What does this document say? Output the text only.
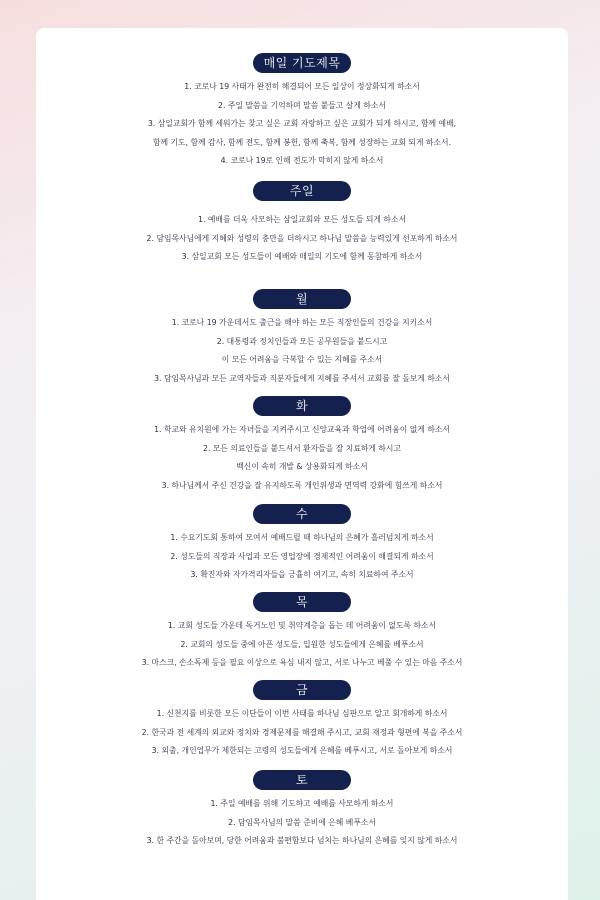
매일 기도제목
1. 코로나 19 사태가 완전히 해결되어 모든 일상이 정상화되게 하소서
2. 주일 말씀을 기억하며 말씀 붙들고 살게 하소서
3. 삼일교회가 함께 세워가는 찾고 싶은 교회 자랑하고 싶은 교회가 되게 하시고, 함께 예배,
함께 기도, 함께 감사, 함께 전도, 함께 봉헌, 함께 축복, 함께 성장하는 교회 되게 하소서.
4. 코로나 19로 인해 전도가 막히지 않게 하소서
주일
1. 예배를 더욱 사모하는 삼일교회와 모든 성도들 되게 하소서
2. 담임목사님에게 지혜와 성령의 충만을 더하시고 하나님 말씀을 능력있게 선포하게 하소서
3. 삼일교회 모든 성도들이 예배와 매일의 기도에 함께 동참하게 하소서
월
1. 코로나 19 가운데서도 출근을 해야 하는 모든 직장인들의 건강을 지키소서
2. 대통령과 정치인들과 모든 공무원들을 붙드시고
이 모든 어려움을 극복할 수 있는 지혜를 주소서
3. 담임목사님과 모든 교역자들과 직분자들에게 지혜를 주셔서 교회를 잘 돌보게 하소서
화
1. 학교와 유치원에 가는 자녀들을 지켜주시고 신앙교육과 학업에 어려움이 없게 하소서
2. 모든 의료인들을 붙드셔서 환자들을 잘 치료하게 하시고
백신이 속히 개발 & 상용화되게 하소서
3. 하나님께서 주신 건강을 잘 유지하도록 개인위생과 면역력 강화에 힘쓰게 하소서
수
1. 수요기도회 통하여 모여서 예배드릴 때 하나님의 은혜가 흘러넘치게 하소서
2. 성도들의 직장과 사업과 모든 영업장에 경제적인 어려움이 해결되게 하소서
3. 확진자와 자가격리자들을 긍휼히 여기고, 속히 치료하여 주소서
목
1. 교회 성도들 가운데 독거노인 및 취약계층을 돕는 데 어려움이 없도록 하소서
2. 교회의 성도들 중에 아픈 성도들, 입원한 성도들에게 은혜를 베푸소서
3. 마스크, 손소독제 등을 필요 이상으로 욕심 내지 않고, 서로 나누고 베풀 수 있는 마음 주소서
금
1. 신천지를 비롯한 모든 이단들이 이번 사태를 하나님 심판으로 알고 회개하게 하소서
2. 한국과 전 세계의 외교와 정치와 경제문제를 해결해 주시고, 교회 재정과 형편에 복을 주소서
3. 외출, 개인업무가 제한되는 고령의 성도들에게 은혜를 베푸시고, 서로 돌아보게 하소서
토
1. 주일 예배를 위해 기도하고 예배를 사모하게 하소서
2. 담임목사님의 말씀 준비에 은혜 베푸소서
3. 한 주간을 돌아보며, 당한 어려움과 불편함보다 넘치는 하나님의 은혜를 잊지 않게 하소서
